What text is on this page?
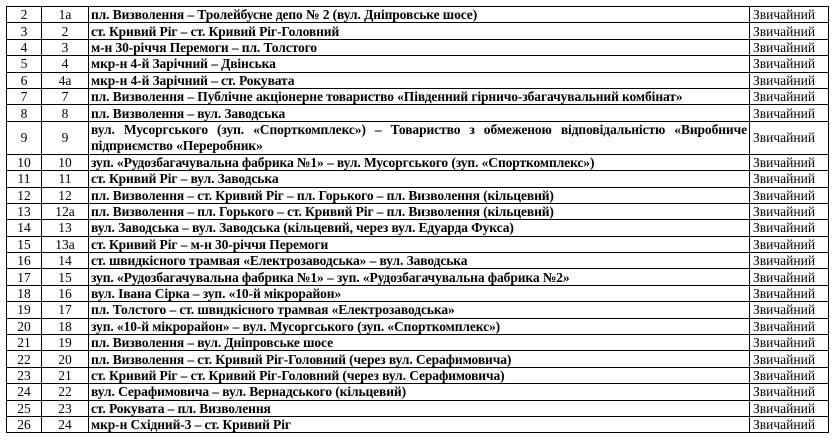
2	1а	пл. Визволення – Тролейбусне депо № 2 (вул. Дніпровське шосе)	Звичайний
3	2	ст. Кривий Ріг – ст. Кривий Ріг-Головний	Звичайний
4	3	м-н 30-річчя Перемоги – пл. Толстого	Звичайний
5	4	мкр-н 4-й Зарічний – Двінська	Звичайний
6	4а	мкр-н 4-й Зарічний – ст. Рокувата	Звичайний
7	7	пл. Визволення – Публічне акціонерне товариство «Південний гірничо-збагачувальний комбінат»	Звичайний
8	8	пл. Визволення – вул. Заводська	Звичайний
9	9	вул. Мусоргського (зуп. «Спорткомплекс») – Товариство з обмеженою відповідальністю «Виробниче підприємство «Переробник»	Звичайний
10	10	зуп. «Рудозбагачувальна фабрика №1» – вул. Мусоргського (зуп. «Спорткомплекс»)	Звичайний
11	11	ст. Кривий Ріг – вул. Заводська	Звичайний
12	12	пл. Визволення – ст. Кривий Ріг – пл. Горького – пл. Визволення (кільцевий)	Звичайний
13	12а	пл. Визволення – пл. Горького – ст. Кривий Ріг – пл. Визволення (кільцевий)	Звичайний
14	13	вул. Заводська – вул. Заводська (кільцевий, через вул. Едуарда Фукса)	Звичайний
15	13а	ст. Кривий Ріг – м-н 30-річчя Перемоги	Звичайний
16	14	ст. швидкісного трамвая «Електрозаводська» – вул. Заводська	Звичайний
17	15	зуп. «Рудозбагачувальна фабрика №1» – зуп. «Рудозбагачувальна фабрика №2»	Звичайний
18	16	вул. Івана Сірка – зуп. «10-й мікрорайон»	Звичайний
19	17	пл. Толстого – ст. швидкісного трамвая «Електрозаводська»	Звичайний
20	18	зуп. «10-й мікрорайон» – вул. Мусоргського (зуп. «Спорткомплекс»)	Звичайний
21	19	пл. Визволення – вул. Дніпровське шосе	Звичайний
22	20	пл. Визволення – ст. Кривий Ріг-Головний (через вул. Серафимовича)	Звичайний
23	21	ст. Кривий Ріг – ст. Кривий Ріг-Головний (через вул. Серафимовича)	Звичайний
24	22	вул. Серафимовича – вул. Вернадського (кільцевий)	Звичайний
25	23	ст. Рокувата – пл. Визволення	Звичайний
26	24	мкр-н Східний-3 – ст. Кривий Ріг	Звичайний
